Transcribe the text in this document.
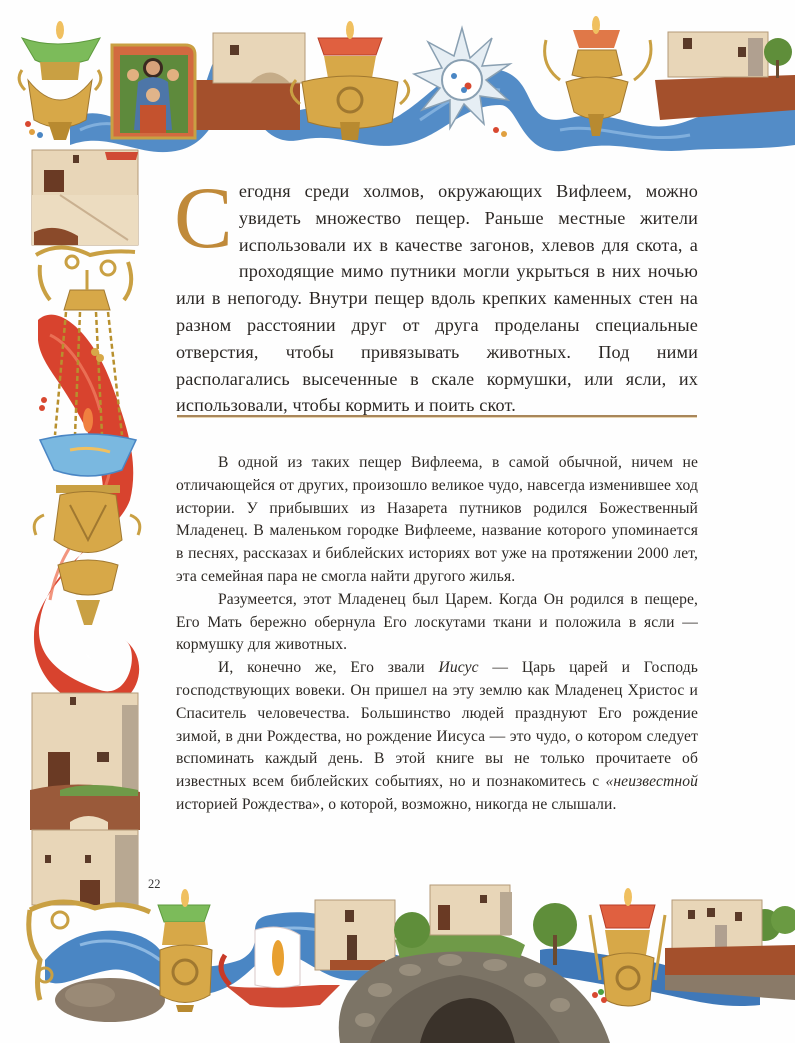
✳
С егодня среди холмов, окружающих Вифлеем, можно увидеть множество пещер. Раньше местные жители использовали их в качестве загонов, хлевов для скота, а проходящие мимо путники могли укрыться в них ночью или в непогоду. Внутри пещер вдоль крепких каменных стен на разном расстоянии друг от друга проделаны специальные отверстия, чтобы привязывать животных. Под ними располагались высеченные в скале кормушки, или ясли, их использовали, чтобы кормить и поить скот.

В одной из таких пещер Вифлеема, в самой обычной, ничем не отличающейся от других, произошло великое чудо, навсегда изменившее ход истории. У прибывших из Назарета путников родился Божественный Младенец. В маленьком городке Вифлееме, название которого упоминается в песнях, рассказах и библейских историях вот уже на протяжении 2000 лет, эта семейная пара не смогла найти другого жилья.

Разумеется, этот Младенец был Царем. Когда Он родился в пещере, Его Мать бережно обернула Его лоскутами ткани и положила в ясли — кормушку для животных.

И, конечно же, Его звали Иисус — Царь царей и Господь господствующих вовеки. Он пришел на эту землю как Младенец Христос и Спаситель человечества. Большинство людей празднуют Его рождение зимой, в дни Рождества, но рождение Иисуса — это чудо, о котором следует вспоминать каждый день. В этой книге вы не только прочитаете об известных всем библейских событиях, но и познакомитесь с «неизвестной историей Рождества», о которой, возможно, никогда не слышали.

22
